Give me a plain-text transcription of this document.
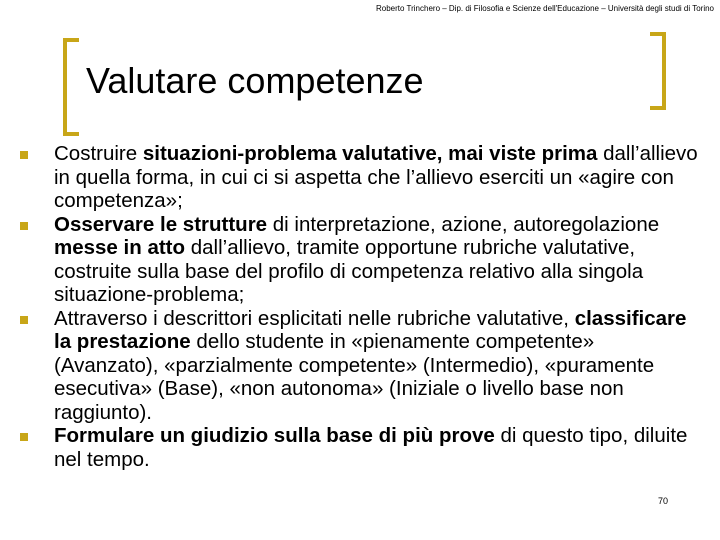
Roberto Trinchero – Dip. di Filosofia e Scienze dell'Educazione – Università degli studi di Torino
Valutare competenze
Costruire situazioni-problema valutative, mai viste prima dall’allievo in quella forma, in cui ci si aspetta che l’allievo eserciti un «agire con competenza»;
Osservare le strutture di interpretazione, azione, autoregolazione messe in atto dall’allievo, tramite opportune rubriche valutative, costruite sulla base del profilo di competenza relativo alla singola situazione-problema;
Attraverso i descrittori esplicitati nelle rubriche valutative, classificare la prestazione dello studente in «pienamente competente» (Avanzato), «parzialmente competente» (Intermedio), «puramente esecutiva» (Base), «non autonoma» (Iniziale o livello base non raggiunto).
Formulare un giudizio sulla base di più prove di questo tipo, diluite nel tempo.
70
